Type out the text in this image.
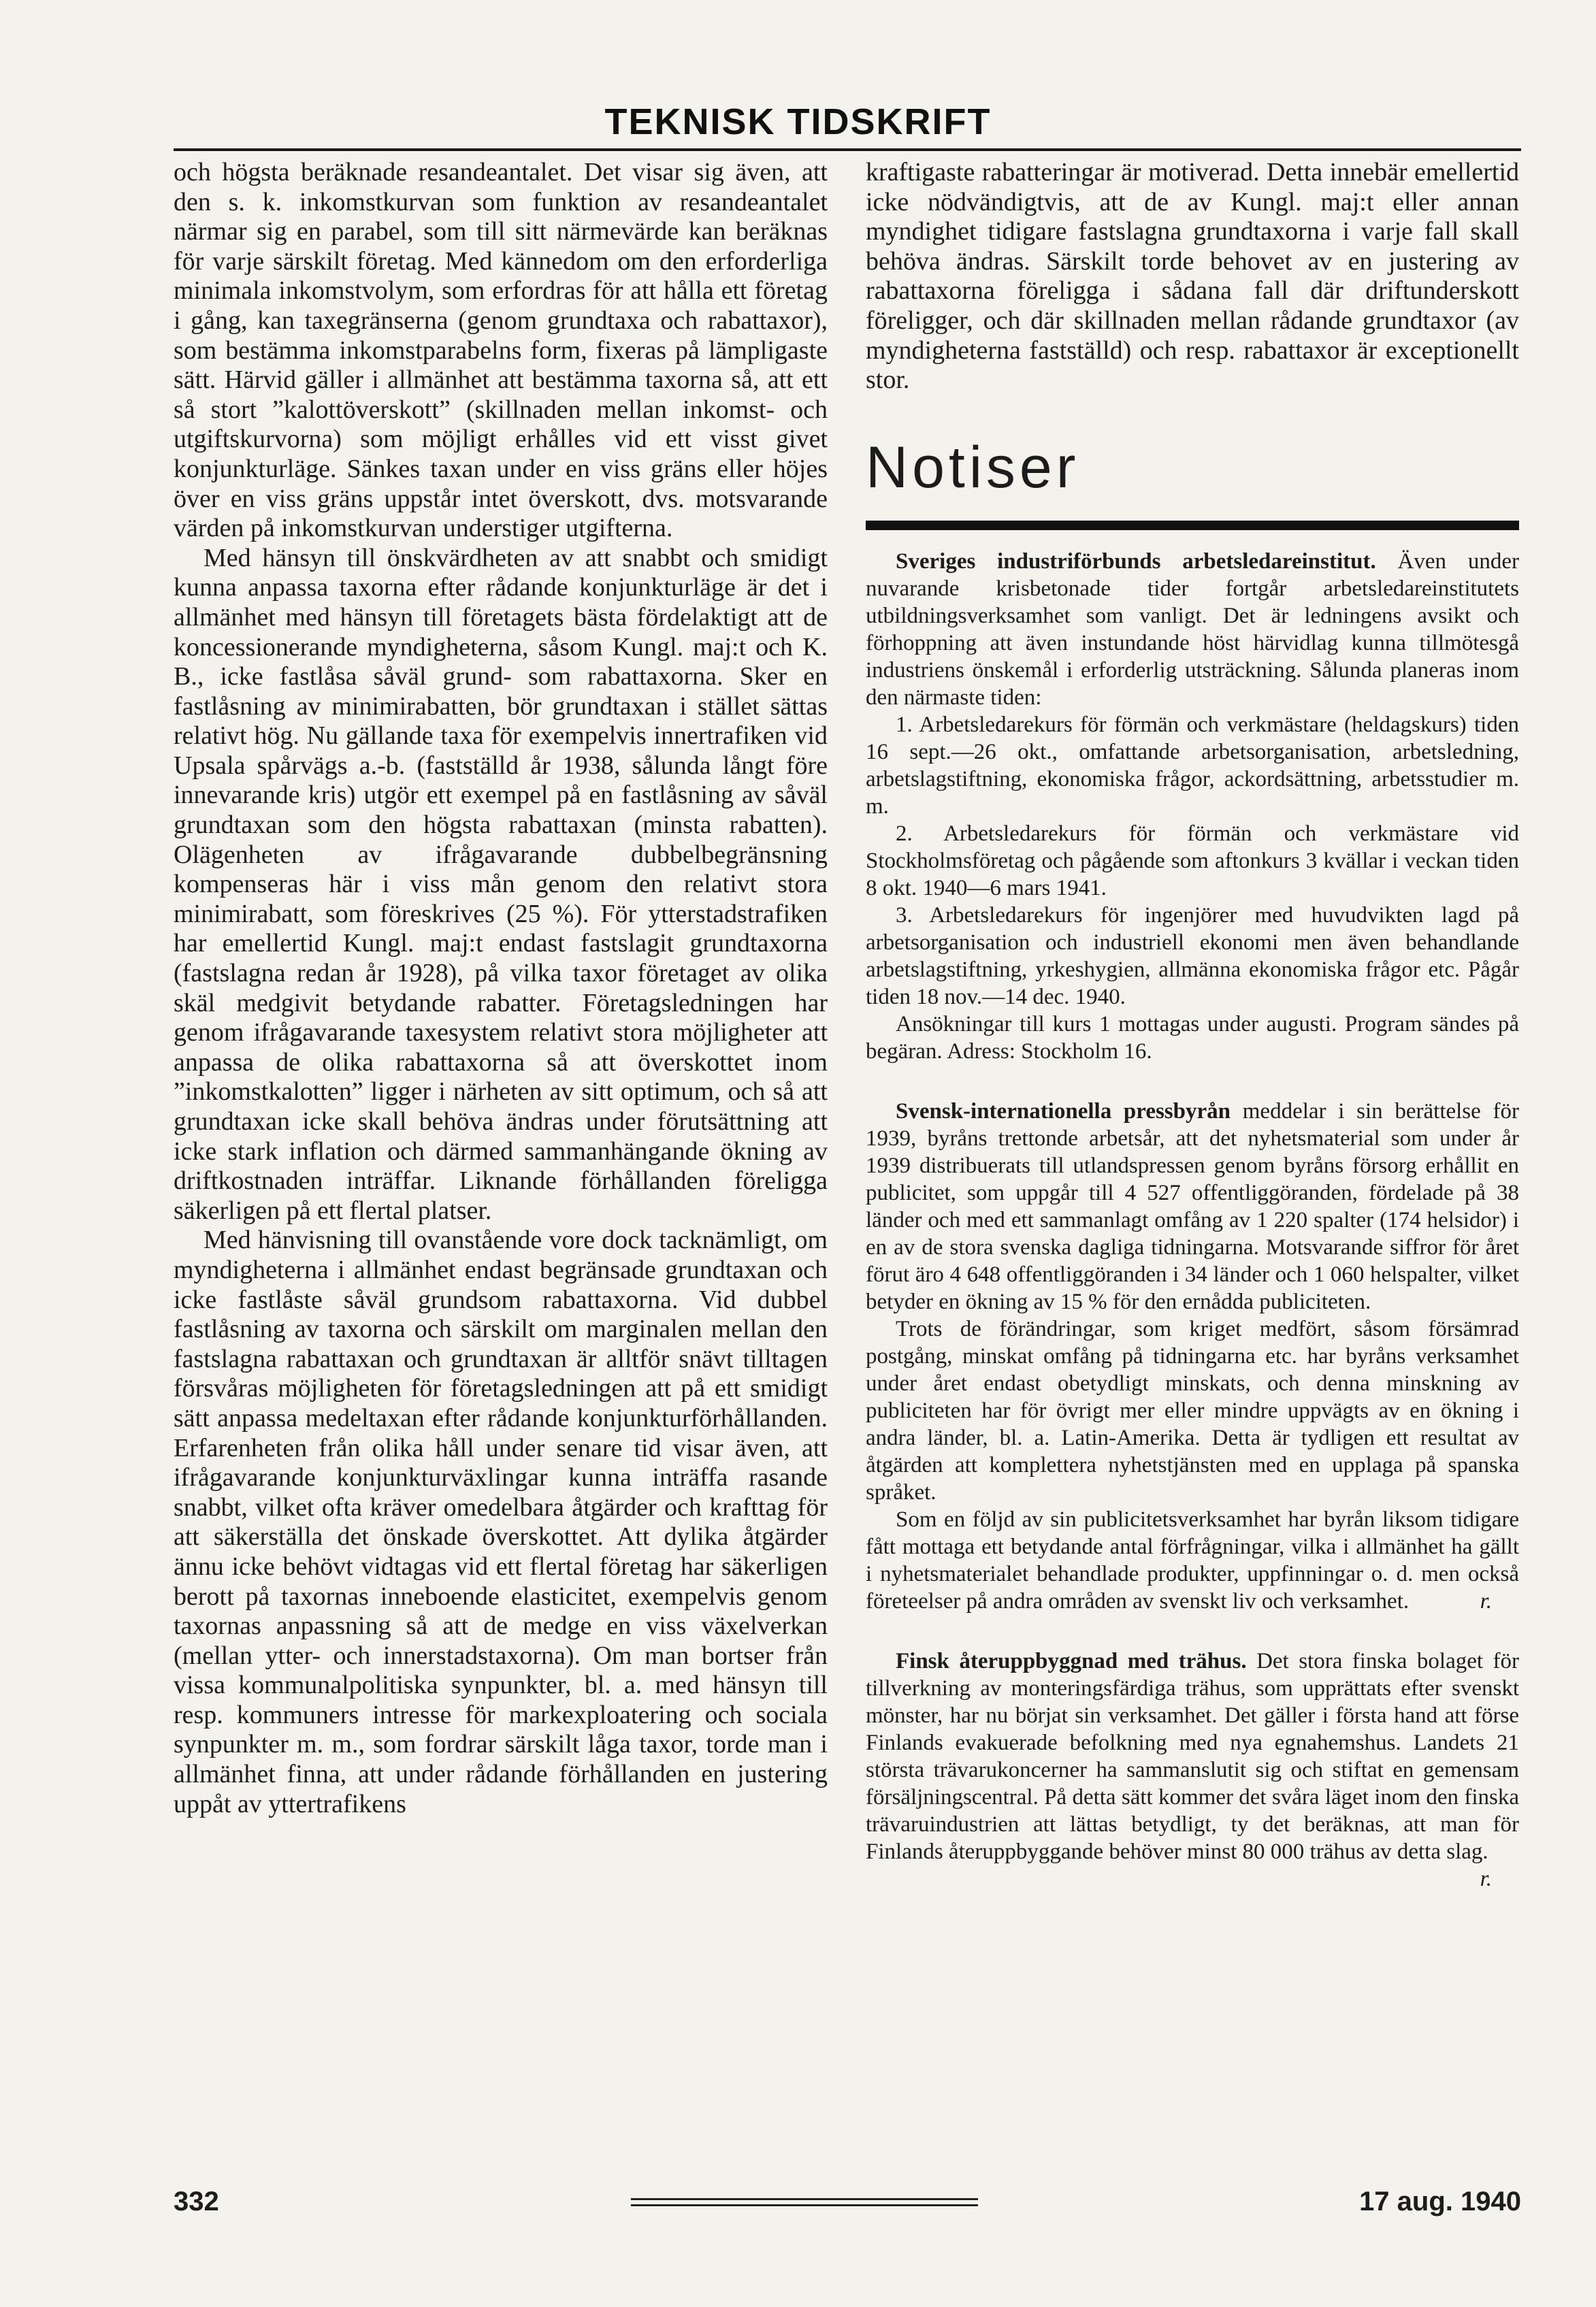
TEKNISK TIDSKRIFT

och högsta beräknade resandeantalet. Det visar sig även, att den s. k. inkomstkurvan som funktion av resandeantalet närmar sig en parabel, som till sitt närmevärde kan beräknas för varje särskilt företag. Med kännedom om den erforderliga minimala inkomstvolym, som erfordras för att hålla ett företag i gång, kan taxegränserna (genom grundtaxa och rabattaxor), som bestämma inkomstparabelns form, fixeras på lämpligaste sätt. Härvid gäller i allmänhet att bestämma taxorna så, att ett så stort ”kalottöverskott” (skillnaden mellan inkomst- och utgiftskurvorna) som möjligt erhålles vid ett visst givet konjunkturläge. Sänkes taxan under en viss gräns eller höjes över en viss gräns uppstår intet överskott, dvs. motsvarande värden på inkomstkurvan understiger utgifterna.

Med hänsyn till önskvärdheten av att snabbt och smidigt kunna anpassa taxorna efter rådande konjunkturläge är det i allmänhet med hänsyn till företagets bästa fördelaktigt att de koncessionerande myndigheterna, såsom Kungl. maj:t och K. B., icke fastlåsa såväl grund- som rabattaxorna. Sker en fastlåsning av minimirabatten, bör grundtaxan i stället sättas relativt hög. Nu gällande taxa för exempelvis innertrafiken vid Upsala spårvägs a.-b. (fastställd år 1938, sålunda långt före innevarande kris) utgör ett exempel på en fastlåsning av såväl grundtaxan som den högsta rabattaxan (minsta rabatten). Olägenheten av ifrågavarande dubbelbegränsning kompenseras här i viss mån genom den relativt stora minimirabatt, som föreskrives (25 %). För ytterstadstrafiken har emellertid Kungl. maj:t endast fastslagit grundtaxorna (fastslagna redan år 1928), på vilka taxor företaget av olika skäl medgivit betydande rabatter. Företagsledningen har genom ifrågavarande taxesystem relativt stora möjligheter att anpassa de olika rabattaxorna så att överskottet inom ”inkomstkalotten” ligger i närheten av sitt optimum, och så att grundtaxan icke skall behöva ändras under förutsättning att icke stark inflation och därmed sammanhängande ökning av driftkostnaden inträffar. Liknande förhållanden föreligga säkerligen på ett flertal platser.

Med hänvisning till ovanstående vore dock tacknämligt, om myndigheterna i allmänhet endast begränsade grundtaxan och icke fastlåste såväl grundsom rabattaxorna. Vid dubbel fastlåsning av taxorna och särskilt om marginalen mellan den fastslagna rabattaxan och grundtaxan är alltför snävt tilltagen försvåras möjligheten för företagsledningen att på ett smidigt sätt anpassa medeltaxan efter rådande konjunkturförhållanden. Erfarenheten från olika håll under senare tid visar även, att ifrågavarande konjunkturväxlingar kunna inträffa rasande snabbt, vilket ofta kräver omedelbara åtgärder och krafttag för att säkerställa det önskade överskottet. Att dylika åtgärder ännu icke behövt vidtagas vid ett flertal företag har säkerligen berott på taxornas inneboende elasticitet, exempelvis genom taxornas anpassning så att de medge en viss växelverkan (mellan ytter- och innerstadstaxorna). Om man bortser från vissa kommunalpolitiska synpunkter, bl. a. med hänsyn till resp. kommuners intresse för markexploatering och sociala synpunkter m. m., som fordrar särskilt låga taxor, torde man i allmänhet finna, att under rådande förhållanden en justering uppåt av yttertrafikens

kraftigaste rabatteringar är motiverad. Detta innebär emellertid icke nödvändigtvis, att de av Kungl. maj:t eller annan myndighet tidigare fastslagna grundtaxorna i varje fall skall behöva ändras. Särskilt torde behovet av en justering av rabattaxorna föreligga i sådana fall där driftunderskott föreligger, och där skillnaden mellan rådande grundtaxor (av myndigheterna fastställd) och resp. rabattaxor är exceptionellt stor.

Notiser

Sveriges industriförbunds arbetsledareinstitut. Även under nuvarande krisbetonade tider fortgår arbetsledareinstitutets utbildningsverksamhet som vanligt. Det är ledningens avsikt och förhoppning att även instundande höst härvidlag kunna tillmötesgå industriens önskemål i erforderlig utsträckning. Sålunda planeras inom den närmaste tiden:

1. Arbetsledarekurs för förmän och verkmästare (heldagskurs) tiden 16 sept.—26 okt., omfattande arbetsorganisation, arbetsledning, arbetslagstiftning, ekonomiska frågor, ackordsättning, arbetsstudier m. m.

2. Arbetsledarekurs för förmän och verkmästare vid Stockholmsföretag och pågående som aftonkurs 3 kvällar i veckan tiden 8 okt. 1940—6 mars 1941.

3. Arbetsledarekurs för ingenjörer med huvudvikten lagd på arbetsorganisation och industriell ekonomi men även behandlande arbetslagstiftning, yrkeshygien, allmänna ekonomiska frågor etc. Pågår tiden 18 nov.—14 dec. 1940.

Ansökningar till kurs 1 mottagas under augusti. Program sändes på begäran. Adress: Stockholm 16.

Svensk-internationella pressbyrån meddelar i sin berättelse för 1939, byråns trettonde arbetsår, att det nyhetsmaterial som under år 1939 distribuerats till utlandspressen genom byråns försorg erhållit en publicitet, som uppgår till 4 527 offentliggöranden, fördelade på 38 länder och med ett sammanlagt omfång av 1 220 spalter (174 helsidor) i en av de stora svenska dagliga tidningarna. Motsvarande siffror för året förut äro 4 648 offentliggöranden i 34 länder och 1 060 helspalter, vilket betyder en ökning av 15 % för den ernådda publiciteten.

Trots de förändringar, som kriget medfört, såsom försämrad postgång, minskat omfång på tidningarna etc. har byråns verksamhet under året endast obetydligt minskats, och denna minskning av publiciteten har för övrigt mer eller mindre uppvägts av en ökning i andra länder, bl. a. Latin-Amerika. Detta är tydligen ett resultat av åtgärden att komplettera nyhetstjänsten med en upplaga på spanska språket.

Som en följd av sin publicitetsverksamhet har byrån liksom tidigare fått mottaga ett betydande antal förfrågningar, vilka i allmänhet ha gällt i nyhetsmaterialet behandlade produkter, uppfinningar o. d. men också företeelser på andra områden av svenskt liv och verksamhet.	r.

Finsk återuppbyggnad med trähus. Det stora finska bolaget för tillverkning av monteringsfärdiga trähus, som upprättats efter svenskt mönster, har nu börjat sin verksamhet. Det gäller i första hand att förse Finlands evakuerade befolkning med nya egnahemshus. Landets 21 största trävarukoncerner ha sammanslutit sig och stiftat en gemensam försäljningscentral. På detta sätt kommer det svåra läget inom den finska trävaruindustrien att lättas betydligt, ty det beräknas, att man för Finlands återuppbyggande behöver minst 80 000 trähus av detta slag.
r.

332	17 aug. 1940
